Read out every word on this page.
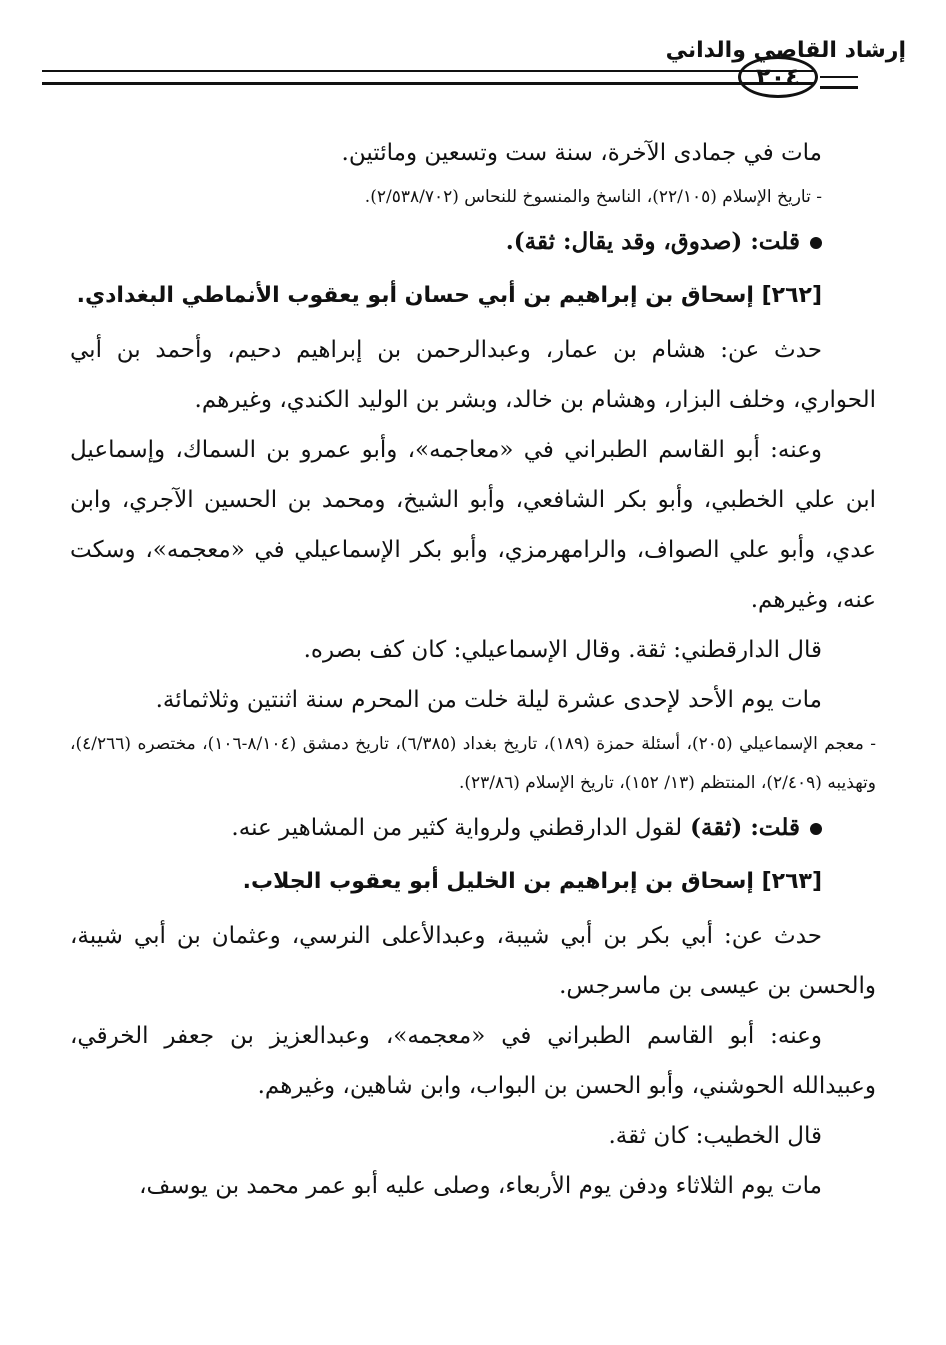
إرشاد القاصي والداني
٢٠٤

مات في جمادى الآخرة، سنة ست وتسعين ومائتين.

- تاريخ الإسلام (٢٢/١٠٥)، الناسخ والمنسوخ للنحاس (٢/٥٣٨/٧٠٢).

قلت: (صدوق، وقد يقال: ثقة).

[٢٦٢] إسحاق بن إبراهيم بن أبي حسان أبو يعقوب الأنماطي البغدادي.

حدث عن: هشام بن عمار، وعبدالرحمن بن إبراهيم دحيم، وأحمد بن أبي الحواري، وخلف البزار، وهشام بن خالد، وبشر بن الوليد الكندي، وغيرهم.

وعنه: أبو القاسم الطبراني في «معاجمه»، وأبو عمرو بن السماك، وإسماعيل ابن علي الخطبي، وأبو بكر الشافعي، وأبو الشيخ، ومحمد بن الحسين الآجري، وابن عدي، وأبو علي الصواف، والرامهرمزي، وأبو بكر الإسماعيلي في «معجمه»، وسكت عنه، وغيرهم.

قال الدارقطني: ثقة. وقال الإسماعيلي: كان كف بصره.

مات يوم الأحد لإحدى عشرة ليلة خلت من المحرم سنة اثنتين وثلاثمائة.

- معجم الإسماعيلي (٢٠٥)، أسئلة حمزة (١٨٩)، تاريخ بغداد (٦/٣٨٥)، تاريخ دمشق (٨/١٠٤-١٠٦)، مختصره (٤/٢٦٦)، وتهذيبه (٢/٤٠٩)، المنتظم (١٣/ ١٥٢)، تاريخ الإسلام (٢٣/٨٦).

قلت: (ثقة) لقول الدارقطني ولرواية كثير من المشاهير عنه.

[٢٦٣] إسحاق بن إبراهيم بن الخليل أبو يعقوب الجلاب.

حدث عن: أبي بكر بن أبي شيبة، وعبدالأعلى النرسي، وعثمان بن أبي شيبة، والحسن بن عيسى بن ماسرجس.

وعنه: أبو القاسم الطبراني في «معجمه»، وعبدالعزيز بن جعفر الخرقي، وعبيدالله الحوشني، وأبو الحسن بن البواب، وابن شاهين، وغيرهم.

قال الخطيب: كان ثقة.

مات يوم الثلاثاء ودفن يوم الأربعاء، وصلى عليه أبو عمر محمد بن يوسف،
